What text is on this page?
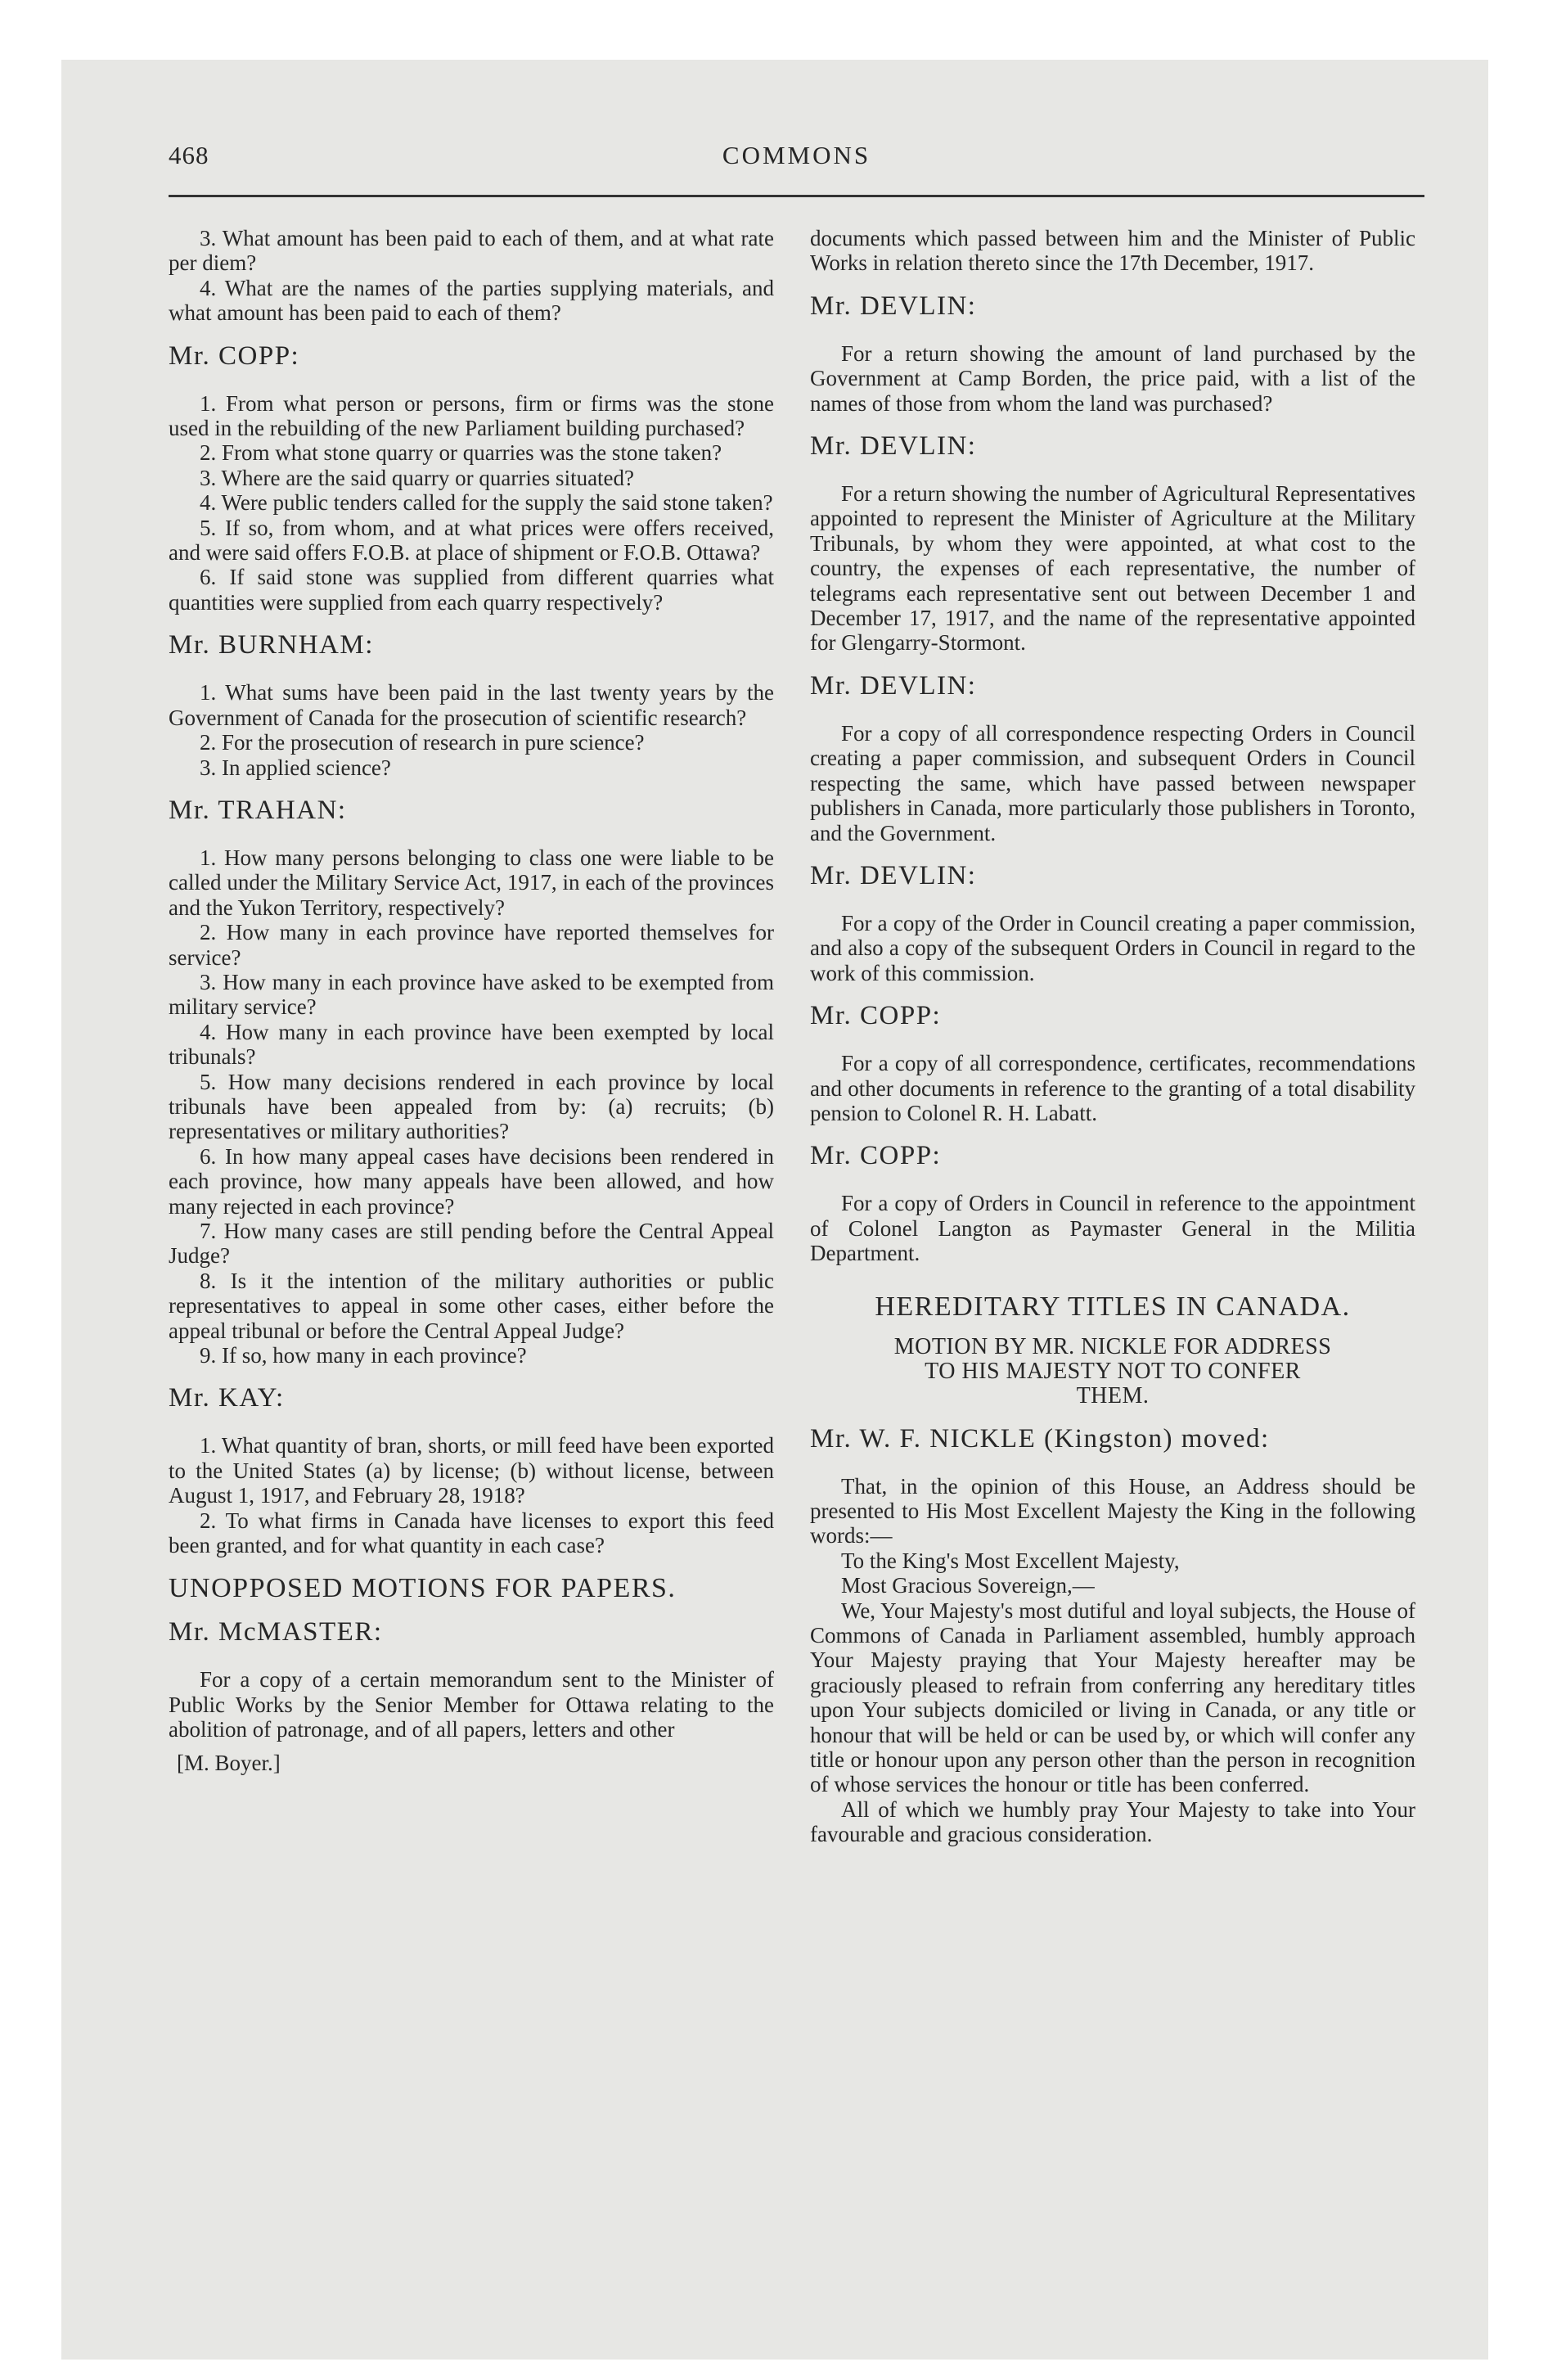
468	COMMONS

3. What amount has been paid to each of them, and at what rate per diem?

4. What are the names of the parties supplying materials, and what amount has been paid to each of them?

Mr. COPP:

1. From what person or persons, firm or firms was the stone used in the rebuilding of the new Parliament building purchased?

2. From what stone quarry or quarries was the stone taken?

3. Where are the said quarry or quarries situated?

4. Were public tenders called for the supply the said stone taken?

5. If so, from whom, and at what prices were offers received, and were said offers F.O.B. at place of shipment or F.O.B. Ottawa?

6. If said stone was supplied from different quarries what quantities were supplied from each quarry respectively?

Mr. BURNHAM:

1. What sums have been paid in the last twenty years by the Government of Canada for the prosecution of scientific research?

2. For the prosecution of research in pure science?

3. In applied science?

Mr. TRAHAN:

1. How many persons belonging to class one were liable to be called under the Military Service Act, 1917, in each of the provinces and the Yukon Territory, respectively?

2. How many in each province have reported themselves for service?

3. How many in each province have asked to be exempted from military service?

4. How many in each province have been exempted by local tribunals?

5. How many decisions rendered in each province by local tribunals have been appealed from by: (a) recruits; (b) representatives or military authorities?

6. In how many appeal cases have decisions been rendered in each province, how many appeals have been allowed, and how many rejected in each province?

7. How many cases are still pending before the Central Appeal Judge?

8. Is it the intention of the military authorities or public representatives to appeal in some other cases, either before the appeal tribunal or before the Central Appeal Judge?

9. If so, how many in each province?

Mr. KAY:

1. What quantity of bran, shorts, or mill feed have been exported to the United States (a) by license; (b) without license, between August 1, 1917, and February 28, 1918?

2. To what firms in Canada have licenses to export this feed been granted, and for what quantity in each case?

UNOPPOSED MOTIONS FOR PAPERS.
Mr. McMASTER:

For a copy of a certain memorandum sent to the Minister of Public Works by the Senior Member for Ottawa relating to the abolition of patronage, and of all papers, letters and other

[M. Boyer.]

documents which passed between him and the Minister of Public Works in relation thereto since the 17th December, 1917.

Mr. DEVLIN:

For a return showing the amount of land purchased by the Government at Camp Borden, the price paid, with a list of the names of those from whom the land was purchased?

Mr. DEVLIN:

For a return showing the number of Agricultural Representatives appointed to represent the Minister of Agriculture at the Military Tribunals, by whom they were appointed, at what cost to the country, the expenses of each representative, the number of telegrams each representative sent out between December 1 and December 17, 1917, and the name of the representative appointed for Glengarry-Stormont.

Mr. DEVLIN:

For a copy of all correspondence respecting Orders in Council creating a paper commission, and subsequent Orders in Council respecting the same, which have passed between newspaper publishers in Canada, more particularly those publishers in Toronto, and the Government.

Mr. DEVLIN:

For a copy of the Order in Council creating a paper commission, and also a copy of the subsequent Orders in Council in regard to the work of this commission.

Mr. COPP:

For a copy of all correspondence, certificates, recommendations and other documents in reference to the granting of a total disability pension to Colonel R. H. Labatt.

Mr. COPP:

For a copy of Orders in Council in reference to the appointment of Colonel Langton as Paymaster General in the Militia Department.

HEREDITARY TITLES IN CANADA.
MOTION BY MR. NICKLE FOR ADDRESS
TO HIS MAJESTY NOT TO CONFER
THEM.
Mr. W. F. NICKLE (Kingston) moved:

That, in the opinion of this House, an Address should be presented to His Most Excellent Majesty the King in the following words:—

To the King's Most Excellent Majesty,

Most Gracious Sovereign,—

We, Your Majesty's most dutiful and loyal subjects, the House of Commons of Canada in Parliament assembled, humbly approach Your Majesty praying that Your Majesty hereafter may be graciously pleased to refrain from conferring any hereditary titles upon Your subjects domiciled or living in Canada, or any title or honour that will be held or can be used by, or which will confer any title or honour upon any person other than the person in recognition of whose services the honour or title has been conferred.

All of which we humbly pray Your Majesty to take into Your favourable and gracious consideration.
